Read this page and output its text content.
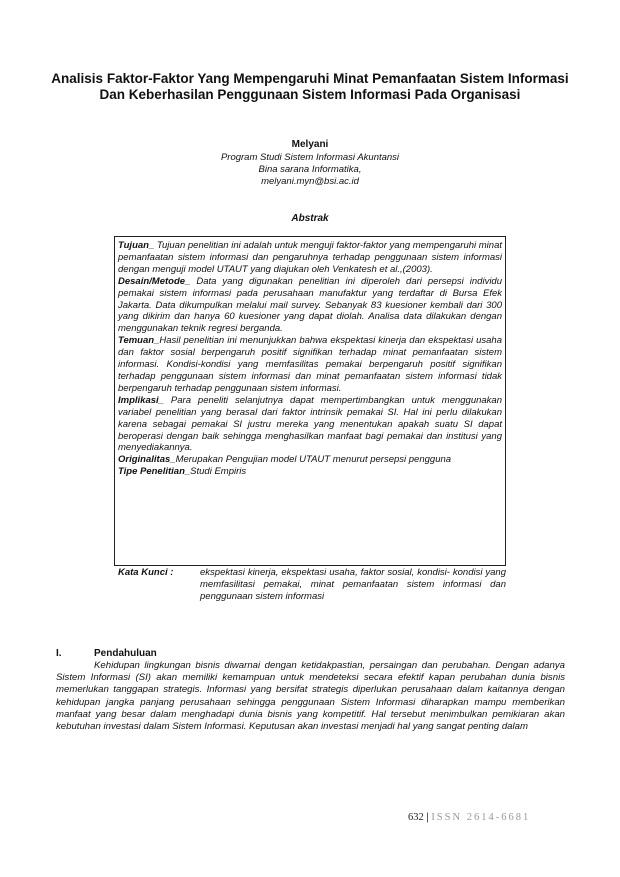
Analisis Faktor-Faktor Yang Mempengaruhi Minat Pemanfaatan Sistem Informasi Dan Keberhasilan Penggunaan Sistem Informasi Pada Organisasi
Melyani
Program Studi Sistem Informasi Akuntansi
Bina sarana Informatika,
melyani.myn@bsi.ac.id
Abstrak

Tujuan_ Tujuan penelitian ini adalah untuk menguji faktor-faktor yang mempengaruhi minat pemanfaatan sistem informasi dan pengaruhnya terhadap penggunaan sistem informasi dengan menguji model UTAUT yang diajukan oleh Venkatesh et al.,(2003).

Desain/Metode_ Data yang digunakan penelitian ini diperoleh dari persepsi individu pemakai sistem informasi pada perusahaan manufaktur yang terdaftar di Bursa Efek Jakarta. Data dikumpulkan melalui mail survey. Sebanyak 83 kuesioner kembali dari 300 yang dikirim dan hanya 60 kuesioner yang dapat diolah. Analisa data dilakukan dengan menggunakan teknik regresi berganda.

Temuan_Hasil penelitian ini menunjukkan bahwa ekspektasi kinerja dan ekspektasi usaha dan faktor sosial berpengaruh positif signifikan terhadap minat pemanfaatan sistem informasi. Kondisi-kondisi yang memfasilitas pemakai berpengaruh positif signifikan terhadap penggunaan sistem informasi dan minat pemanfaatan sistem informasi tidak berpengaruh terhadap penggunaan sistem informasi.

Implikasi_ Para peneliti selanjutnya dapat mempertimbangkan untuk menggunakan variabel penelitian yang berasal dari faktor intrinsik pemakai SI. Hal ini perlu dilakukan karena sebagai pemakai SI justru mereka yang menentukan apakah suatu SI dapat beroperasi dengan baik sehingga menghasilkan manfaat bagi pemakai dan institusi yang menyediakannya.

Originalitas_Merupakan Pengujian model UTAUT menurut persepsi pengguna

Tipe Penelitian_Studi Empiris

Kata Kunci :	ekspektasi kinerja, ekspektasi usaha, faktor sosial, kondisi- kondisi yang memfasilitasi pemakai, minat pemanfaatan sistem informasi dan penggunaan sistem informasi
I.	Pendahuluan

Kehidupan lingkungan bisnis diwarnai dengan ketidakpastian, persaingan dan perubahan. Dengan adanya Sistem Informasi (SI) akan memiliki kemampuan untuk mendeteksi secara efektif kapan perubahan dunia bisnis memerlukan tanggapan strategis. Informasi yang bersifat strategis diperlukan perusahaan dalam kaitannya dengan kehidupan jangka panjang perusahaan sehingga penggunaan Sistem Informasi diharapkan mampu memberikan manfaat yang besar dalam menghadapi dunia bisnis yang kompetitif. Hal tersebut menimbulkan pemikiaran akan kebutuhan investasi dalam Sistem Informasi. Keputusan akan investasi menjadi hal yang sangat penting dalam

632 | ISSN 2614-6681
